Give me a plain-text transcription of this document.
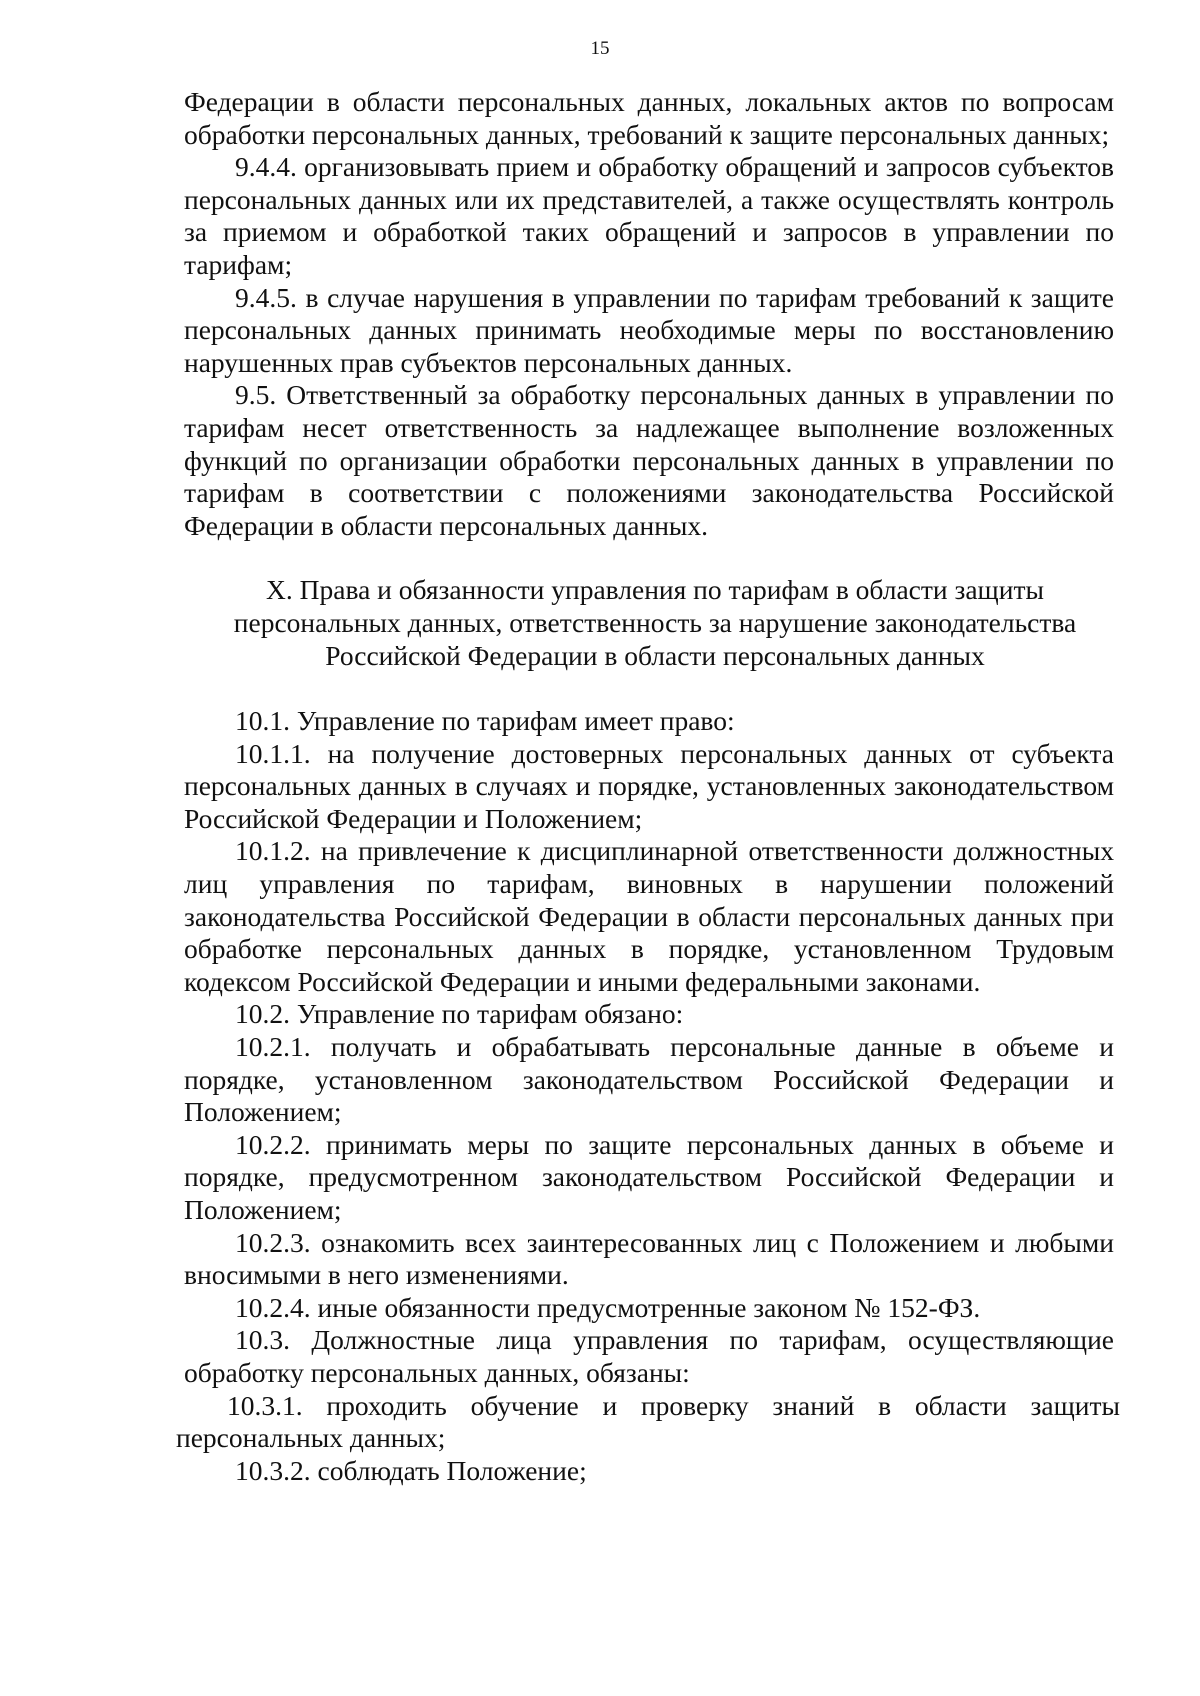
15

Федерации в области персональных данных, локальных актов по вопросам обработки персональных данных, требований к защите персональных данных;

9.4.4. организовывать прием и обработку обращений и запросов субъектов персональных данных или их представителей, а также осуществлять контроль за приемом и обработкой таких обращений и запросов в управлении по тарифам;

9.4.5. в случае нарушения в управлении по тарифам требований к защите персональных данных принимать необходимые меры по восстановлению нарушенных прав субъектов персональных данных.

9.5. Ответственный за обработку персональных данных в управлении по тарифам несет ответственность за надлежащее выполнение возложенных функций по организации обработки персональных данных в управлении по тарифам в соответствии с положениями законодательства Российской Федерации в области персональных данных.

X. Права и обязанности управления по тарифам в области защиты

персональных данных, ответственность за нарушение законодательства

Российской Федерации в области персональных данных

10.1. Управление по тарифам имеет право:

10.1.1. на получение достоверных персональных данных от субъекта персональных данных в случаях и порядке, установленных законодательством Российской Федерации и Положением;

10.1.2. на привлечение к дисциплинарной ответственности должностных лиц управления по тарифам, виновных в нарушении положений законодательства Российской Федерации в области персональных данных при обработке персональных данных в порядке, установленном Трудовым кодексом Российской Федерации и иными федеральными законами.

10.2. Управление по тарифам обязано:

10.2.1. получать и обрабатывать персональные данные в объеме и порядке, установленном законодательством Российской Федерации и Положением;

10.2.2. принимать меры по защите персональных данных в объеме и порядке, предусмотренном законодательством Российской Федерации и Положением;

10.2.3. ознакомить всех заинтересованных лиц с Положением и любыми вносимыми в него изменениями.

10.2.4. иные обязанности предусмотренные законом № 152-ФЗ.

10.3. Должностные лица управления по тарифам, осуществляющие обработку персональных данных, обязаны:

10.3.1. проходить обучение и проверку знаний в области защиты персональных данных;

10.3.2. соблюдать Положение;
